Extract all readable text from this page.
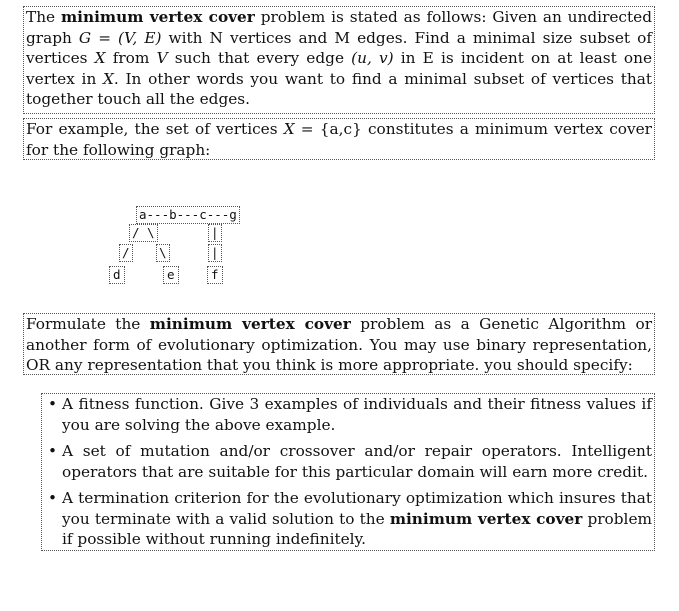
The minimum vertex cover problem is stated as follows: Given an undirected graph G = (V, E) with N vertices and M edges. Find a minimal size subset of vertices X from V such that every edge (u, v) in E is incident on at least one vertex in X. In other words you want to find a minimal subset of vertices that together touch all the edges.
For example, the set of vertices X = {a,c} constitutes a minimum vertex cover for the following graph:
a---b---c---g
/ \
/ \
|
|
d	e	f
Formulate the minimum vertex cover problem as a Genetic Algorithm or another form of evolutionary optimization. You may use binary representation, OR any representation that you think is more appropriate. you should specify:
• A fitness function. Give 3 examples of individuals and their fitness values if you are solving the above example.
• A set of mutation and/or crossover and/or repair operators. Intelligent operators that are suitable for this particular domain will earn more credit.
• A termination criterion for the evolutionary optimization which insures that you terminate with a valid solution to the minimum vertex cover problem if possible without running indefinitely.
